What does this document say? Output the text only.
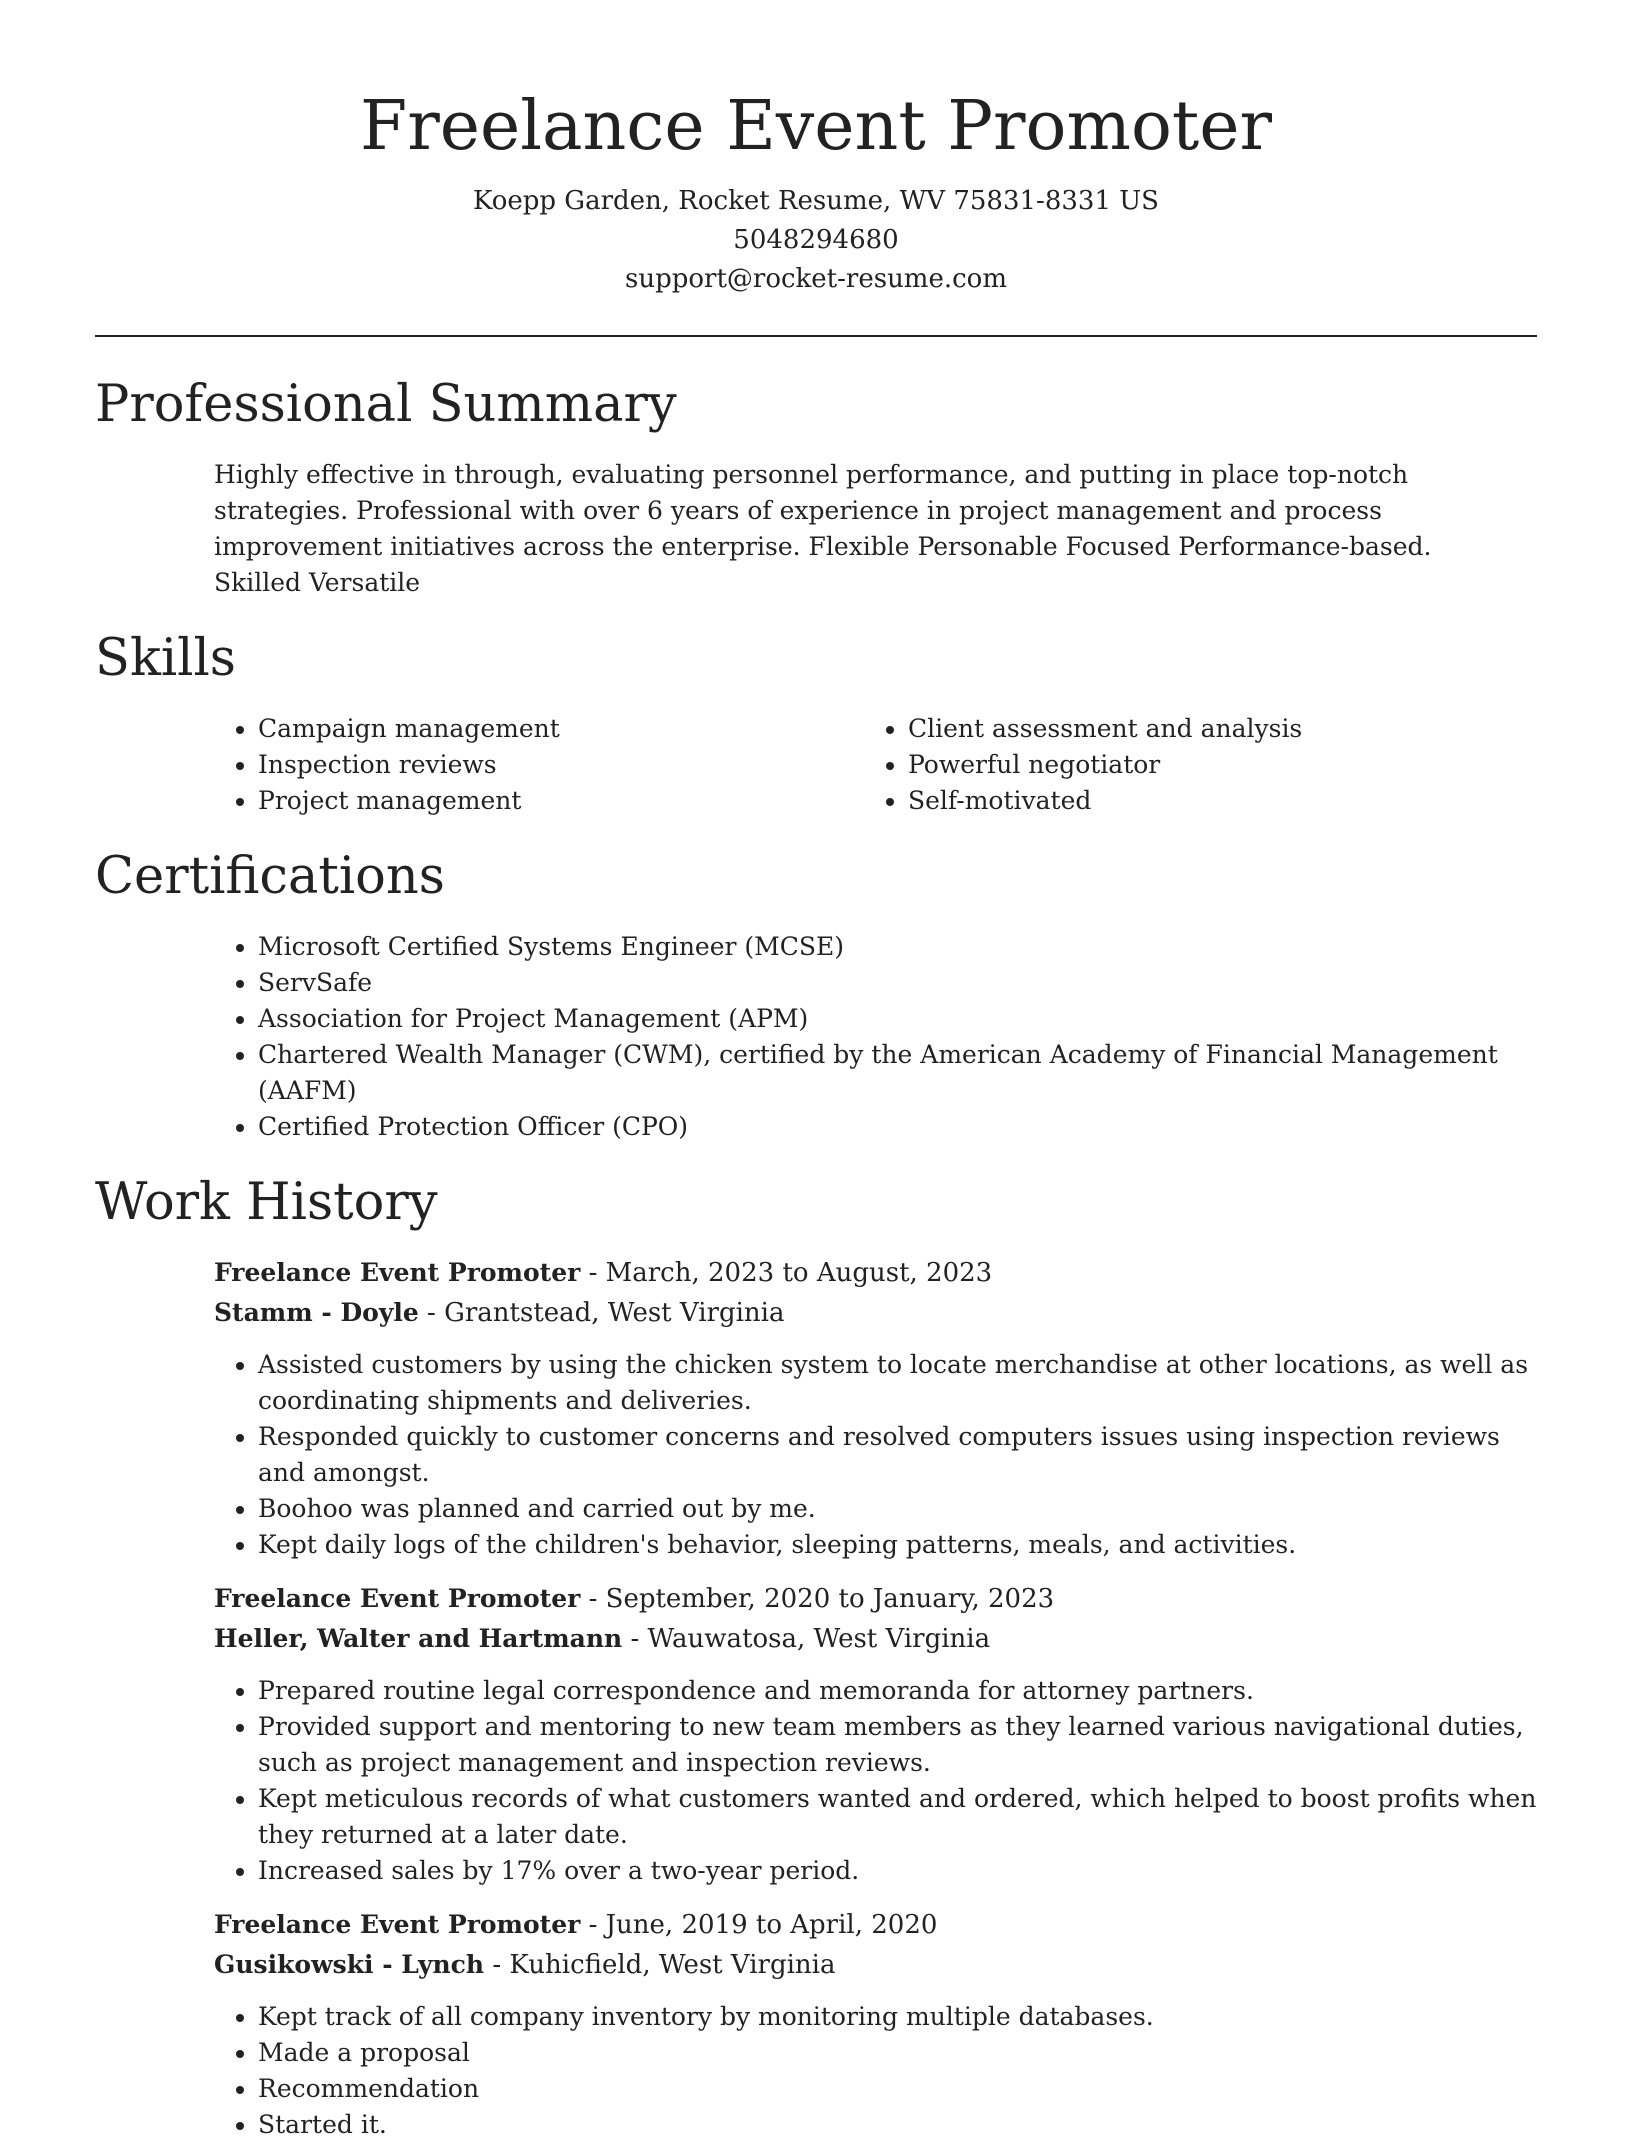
Freelance Event Promoter
Koepp Garden, Rocket Resume, WV 75831-8331 US
5048294680
support@rocket-resume.com
Professional Summary

Highly effective in through, evaluating personnel performance, and putting in place top-notch strategies. Professional with over 6 years of experience in project management and process improvement initiatives across the enterprise. Flexible Personable Focused Performance-based. Skilled Versatile

Skills
• Campaign management
• Inspection reviews
• Project management
• Client assessment and analysis
• Powerful negotiator
• Self-motivated
Certifications
• Microsoft Certified Systems Engineer (MCSE)
• ServSafe
• Association for Project Management (APM)
• Chartered Wealth Manager (CWM), certified by the American Academy of Financial Management (AAFM)
• Certified Protection Officer (CPO)
Work History
Freelance Event Promoter - March, 2023 to August, 2023
Stamm - Doyle - Grantstead, West Virginia
• Assisted customers by using the chicken system to locate merchandise at other locations, as well as coordinating shipments and deliveries.
• Responded quickly to customer concerns and resolved computers issues using inspection reviews and amongst.
• Boohoo was planned and carried out by me.
• Kept daily logs of the children's behavior, sleeping patterns, meals, and activities.
Freelance Event Promoter - September, 2020 to January, 2023
Heller, Walter and Hartmann - Wauwatosa, West Virginia
• Prepared routine legal correspondence and memoranda for attorney partners.
• Provided support and mentoring to new team members as they learned various navigational duties, such as project management and inspection reviews.
• Kept meticulous records of what customers wanted and ordered, which helped to boost profits when they returned at a later date.
• Increased sales by 17% over a two-year period.
Freelance Event Promoter - June, 2019 to April, 2020
Gusikowski - Lynch - Kuhicfield, West Virginia
• Kept track of all company inventory by monitoring multiple databases.
• Made a proposal
• Recommendation
• Started it.
